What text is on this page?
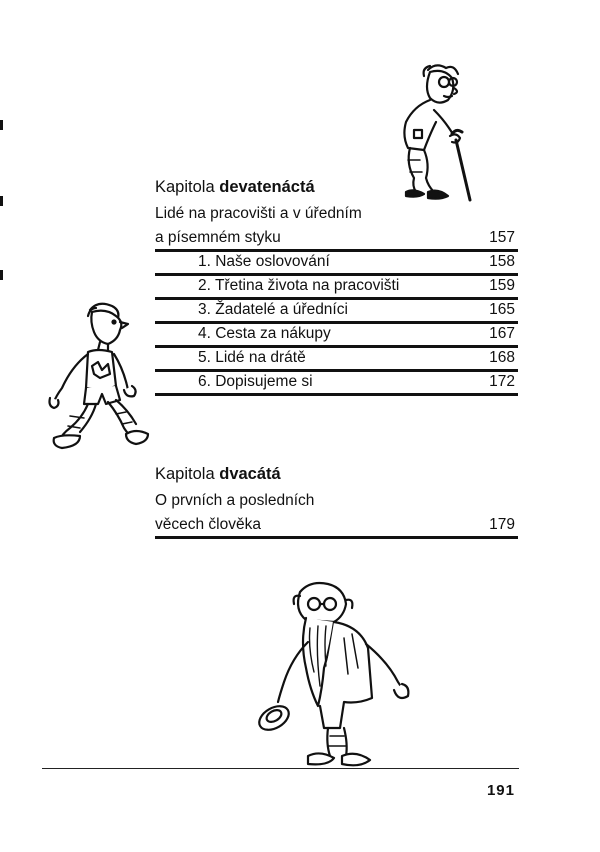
Kapitola devatenáctá
Lidé na pracovišti a v úředním
a písemném styku	157
1. Naše oslovování	158
2. Třetina života na pracovišti	159
3. Žadatelé a úředníci	165
4. Cesta za nákupy	167
5. Lidé na drátě	168
6. Dopisujeme si	172
Kapitola dvacátá
O prvních a posledních
věcech člověka	179
191
